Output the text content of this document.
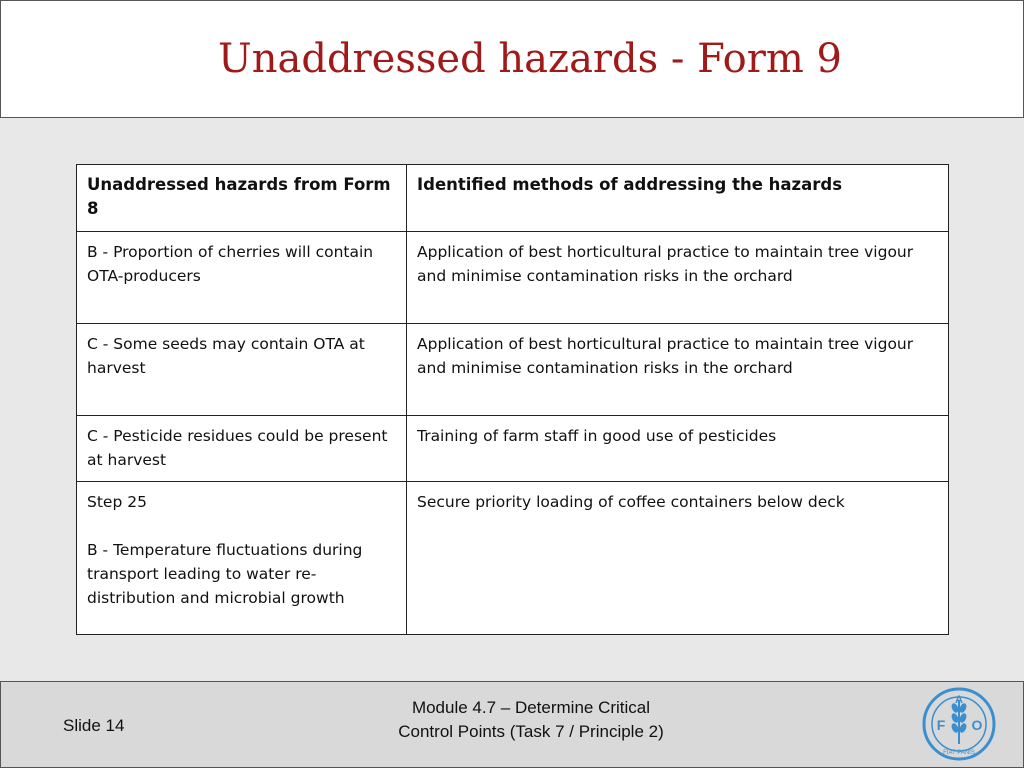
Unaddressed hazards - Form 9
Unaddressed hazards from Form 8	Identified methods of addressing the hazards
B - Proportion of cherries will contain OTA-producers	Application of best horticultural practice to maintain tree vigour and minimise contamination risks in the orchard
C - Some seeds may contain OTA at harvest	Application of best horticultural practice to maintain tree vigour and minimise contamination risks in the orchard
C - Pesticide residues could be present at harvest	Training of farm staff in good use of pesticides

Step 25
B - Temperature fluctuations during transport leading to water re-distribution and microbial growth	Secure priority loading of coffee containers below deck
Slide 14
Module 4.7 – Determine Critical
Control Points (Task 7 / Principle 2)	F
A
O
FIAT PANIS
